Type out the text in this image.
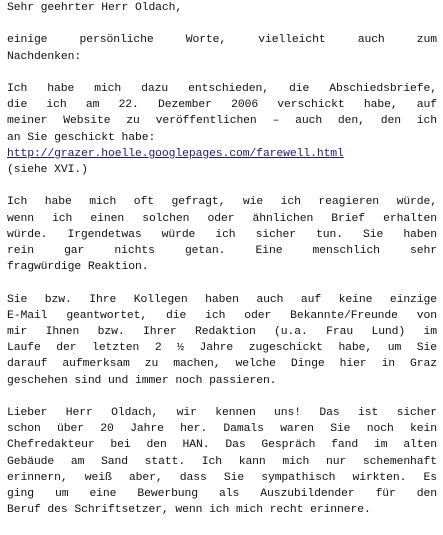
Sehr geehrter Herr Oldach,
einige persönliche Worte, vielleicht auch zum
Nachdenken:
Ich habe mich dazu entschieden, die Abschiedsbriefe,
die ich am 22. Dezember 2006 verschickt habe, auf
meiner Website zu veröffentlichen – auch den, den ich
an Sie geschickt habe:
http://grazer.hoelle.googlepages.com/farewell.html
(siehe XVI.)
Ich habe mich oft gefragt, wie ich reagieren würde,
wenn ich einen solchen oder ähnlichen Brief erhalten
würde. Irgendetwas würde ich sicher tun. Sie haben
rein gar nichts getan. Eine menschlich sehr
fragwürdige Reaktion.
Sie bzw. Ihre Kollegen haben auch auf keine einzige
E-Mail geantwortet, die ich oder Bekannte/Freunde von
mir Ihnen bzw. Ihrer Redaktion (u.a. Frau Lund) im
Laufe der letzten 2 ½ Jahre zugeschickt habe, um Sie
darauf aufmerksam zu machen, welche Dinge hier in Graz
geschehen sind und immer noch passieren.
Lieber Herr Oldach, wir kennen uns! Das ist sicher
schon über 20 Jahre her. Damals waren Sie noch kein
Chefredakteur bei den HAN. Das Gespräch fand im alten
Gebäude am Sand statt. Ich kann mich nur schemenhaft
erinnern, weiß aber, dass Sie sympathisch wirkten. Es
ging um eine Bewerbung als Auszubildender für den
Beruf des Schriftsetzer, wenn ich mich recht erinnere.
